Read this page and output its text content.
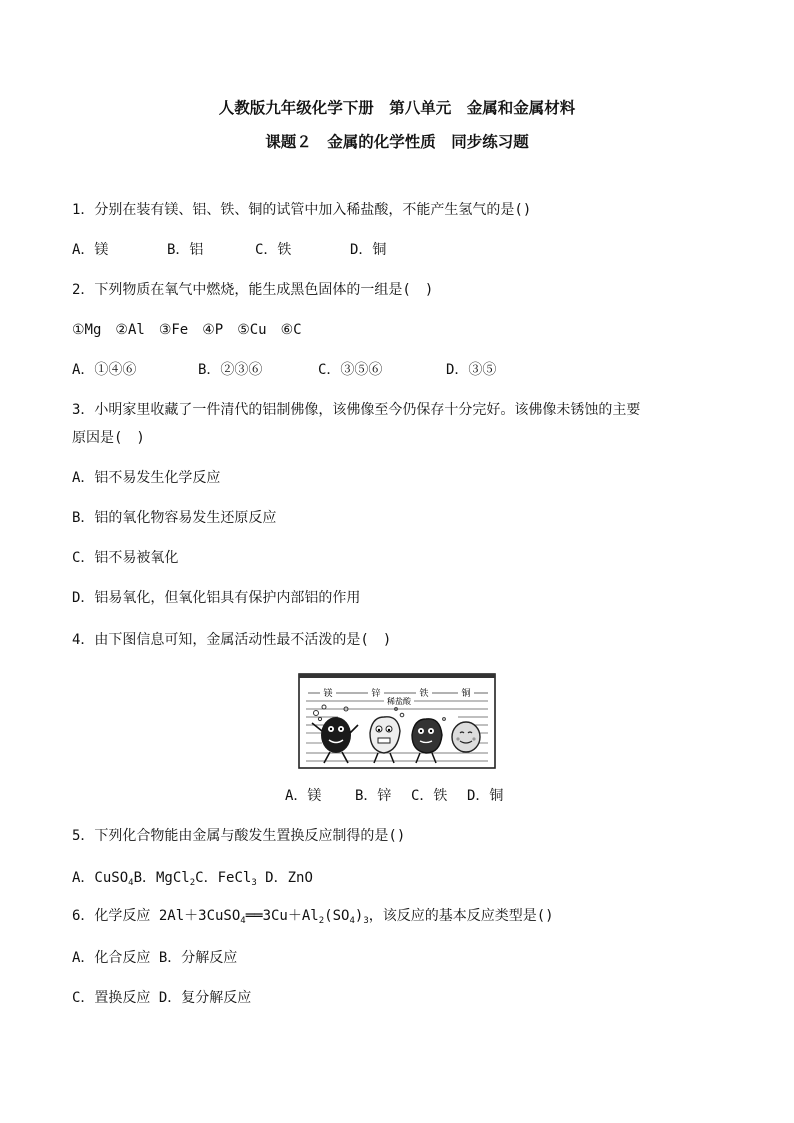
人教版九年级化学下册　第八单元　金属和金属材料
课题２　金属的化学性质　同步练习题
1．分别在装有镁、铝、铁、铜的试管中加入稀盐酸，不能产生氢气的是()
A．镁	B．铝	C．铁	D．铜
2．下列物质在氧气中燃烧，能生成黑色固体的一组是(　)
①Mg　②Al　③Fe　④P　⑤Cu　⑥C
A．①④⑥	B．②③⑥	C．③⑤⑥	D．③⑤
3．小明家里收藏了一件清代的铝制佛像，该佛像至今仍保存十分完好。该佛像未锈蚀的主要
原因是(　)
A．铝不易发生化学反应
B．铝的氧化物容易发生还原反应
C．铝不易被氧化
D．铝易氧化，但氧化铝具有保护内部铝的作用
4．由下图信息可知，金属活动性最不活泼的是(　)
镁	锌	铁	铜
稀盐酸
A．镁 B．锌 C．铁 D．铜
5．下列化合物能由金属与酸发生置换反应制得的是()
A．CuSO$_4$B．MgCl$_2$C．FeCl$_3$ D．ZnO
6．化学反应 $2Al+3CuSO_4══3Cu+Al_2(SO_4)_3$，该反应的基本反应类型是()
A．化合反应 B．分解反应
C．置换反应 D．复分解反应
